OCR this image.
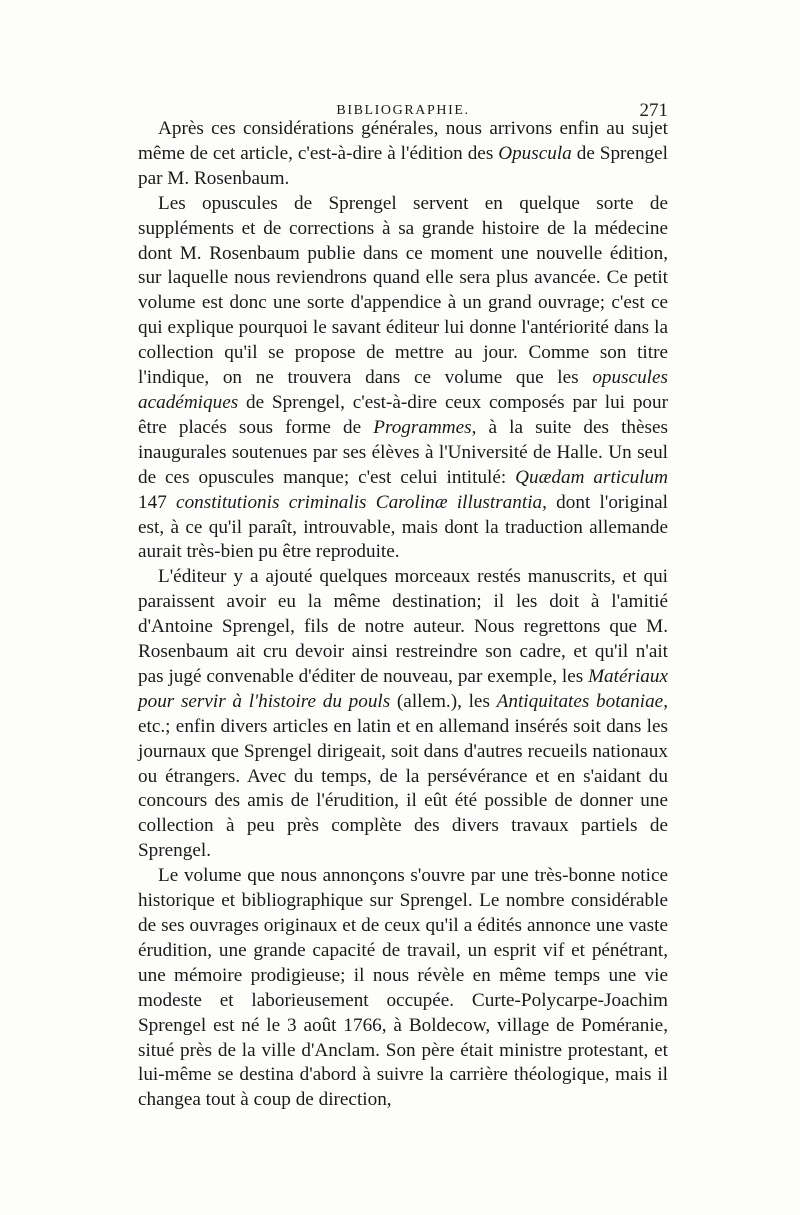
BIBLIOGRAPHIE.	271

Après ces considérations générales, nous arrivons enfin au sujet même de cet article, c'est-à-dire à l'édition des Opuscula de Sprengel par M. Rosenbaum.

Les opuscules de Sprengel servent en quelque sorte de suppléments et de corrections à sa grande histoire de la médecine dont M. Rosenbaum publie dans ce moment une nouvelle édition, sur laquelle nous reviendrons quand elle sera plus avancée. Ce petit volume est donc une sorte d'appendice à un grand ouvrage; c'est ce qui explique pourquoi le savant éditeur lui donne l'antériorité dans la collection qu'il se propose de mettre au jour. Comme son titre l'indique, on ne trouvera dans ce volume que les opuscules académiques de Sprengel, c'est-à-dire ceux composés par lui pour être placés sous forme de Programmes, à la suite des thèses inaugurales soutenues par ses élèves à l'Université de Halle. Un seul de ces opuscules manque; c'est celui intitulé: Quædam articulum 147 constitutionis criminalis Carolinæ illustrantia, dont l'original est, à ce qu'il paraît, introuvable, mais dont la traduction allemande aurait très-bien pu être reproduite.

L'éditeur y a ajouté quelques morceaux restés manuscrits, et qui paraissent avoir eu la même destination; il les doit à l'amitié d'Antoine Sprengel, fils de notre auteur. Nous regrettons que M. Rosenbaum ait cru devoir ainsi restreindre son cadre, et qu'il n'ait pas jugé convenable d'éditer de nouveau, par exemple, les Matériaux pour servir à l'histoire du pouls (allem.), les Antiquitates botaniae, etc.; enfin divers articles en latin et en allemand insérés soit dans les journaux que Sprengel dirigeait, soit dans d'autres recueils nationaux ou étrangers. Avec du temps, de la persévérance et en s'aidant du concours des amis de l'érudition, il eût été possible de donner une collection à peu près complète des divers travaux partiels de Sprengel.

Le volume que nous annonçons s'ouvre par une très-bonne notice historique et bibliographique sur Sprengel. Le nombre considérable de ses ouvrages originaux et de ceux qu'il a édités annonce une vaste érudition, une grande capacité de travail, un esprit vif et pénétrant, une mémoire prodigieuse; il nous révèle en même temps une vie modeste et laborieusement occupée. Curte-Polycarpe-Joachim Sprengel est né le 3 août 1766, à Boldecow, village de Poméranie, situé près de la ville d'Anclam. Son père était ministre protestant, et lui-même se destina d'abord à suivre la carrière théologique, mais il changea tout à coup de direction,
